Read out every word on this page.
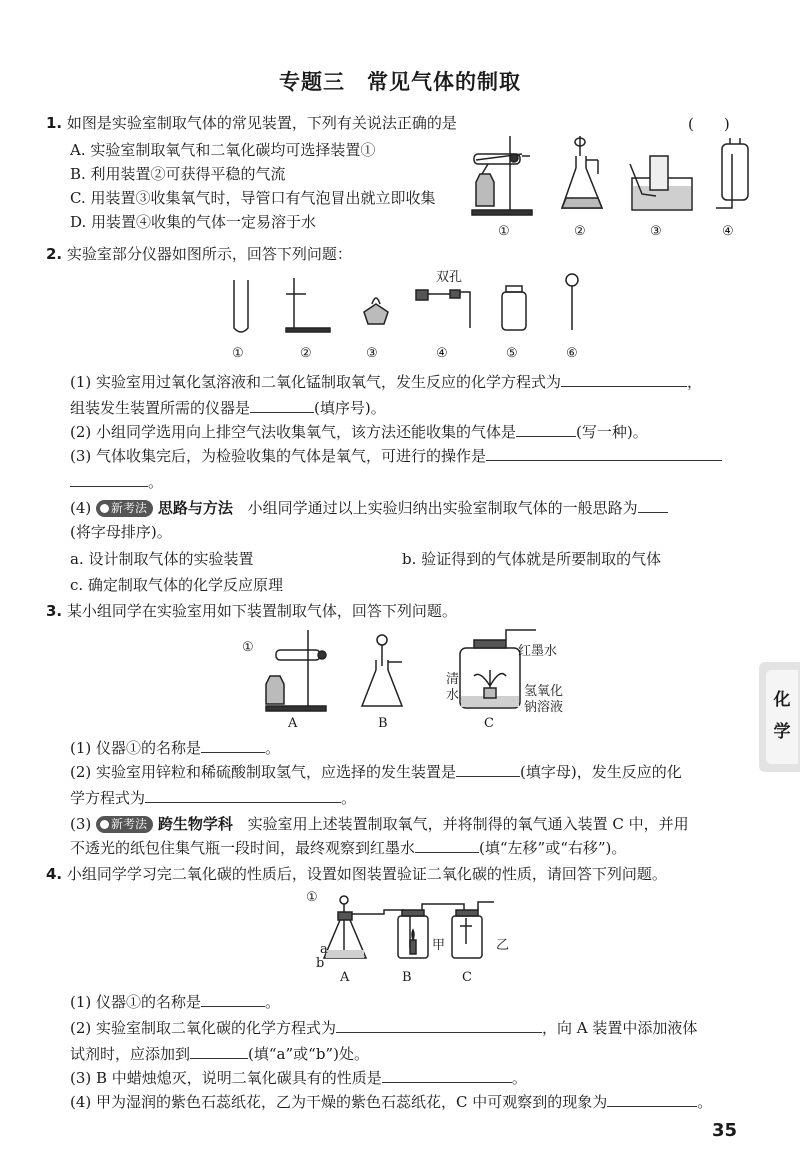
专题三　常见气体的制取
1. 如图是实验室制取气体的常见装置，下列有关说法正确的是	(　　)
A. 实验室制取氧气和二氧化碳均可选择装置①
B. 利用装置②可获得平稳的气流
C. 用装置③收集氧气时，导管口有气泡冒出就立即收集
D. 用装置④收集的气体一定易溶于水
①	②	③	④
2. 实验室部分仪器如图所示，回答下列问题：
双孔
①	②	③	④	⑤	⑥
(1) 实验室用过氧化氢溶液和二氧化锰制取氧气，发生反应的化学方程式为	，
组装发生装置所需的仪器是	(填序号)。
(2) 小组同学选用向上排空气法收集氧气，该方法还能收集的气体是	(写一种)。
(3) 气体收集完后，为检验收集的气体是氧气，可进行的操作是
。
(4) 新考法 思路与方法 小组同学通过以上实验归纳出实验室制取气体的一般思路为
(将字母排序)。
a. 设计制取气体的实验装置	b. 验证得到的气体就是所要制取的气体
c. 确定制取气体的化学反应原理
3. 某小组同学在实验室用如下装置制取气体，回答下列问题。
①	红墨水
清
水	氢氧化
钠溶液
A	B	C
(1) 仪器①的名称是	。
(2) 实验室用锌粒和稀硫酸制取氢气，应选择的发生装置是	(填字母)，发生反应的化
学方程式为	。
(3) 新考法 跨生物学科 实验室用上述装置制取氧气，并将制得的氧气通入装置 C 中，并用
不透光的纸包住集气瓶一段时间，最终观察到红墨水	(填“左移”或“右移”)。
4. 小组同学学习完二氧化碳的性质后，设置如图装置验证二氧化碳的性质，请回答下列问题。
①
a
b
甲	乙
A	B	C
(1) 仪器①的名称是	。
(2) 实验室制取二氧化碳的化学方程式为	，向 A 装置中添加液体
试剂时，应添加到	(填“a”或“b”)处。
(3) B 中蜡烛熄灭，说明二氧化碳具有的性质是	。
(4) 甲为湿润的紫色石蕊纸花，乙为干燥的紫色石蕊纸花，C 中可观察到的现象为	。
化
学
35
